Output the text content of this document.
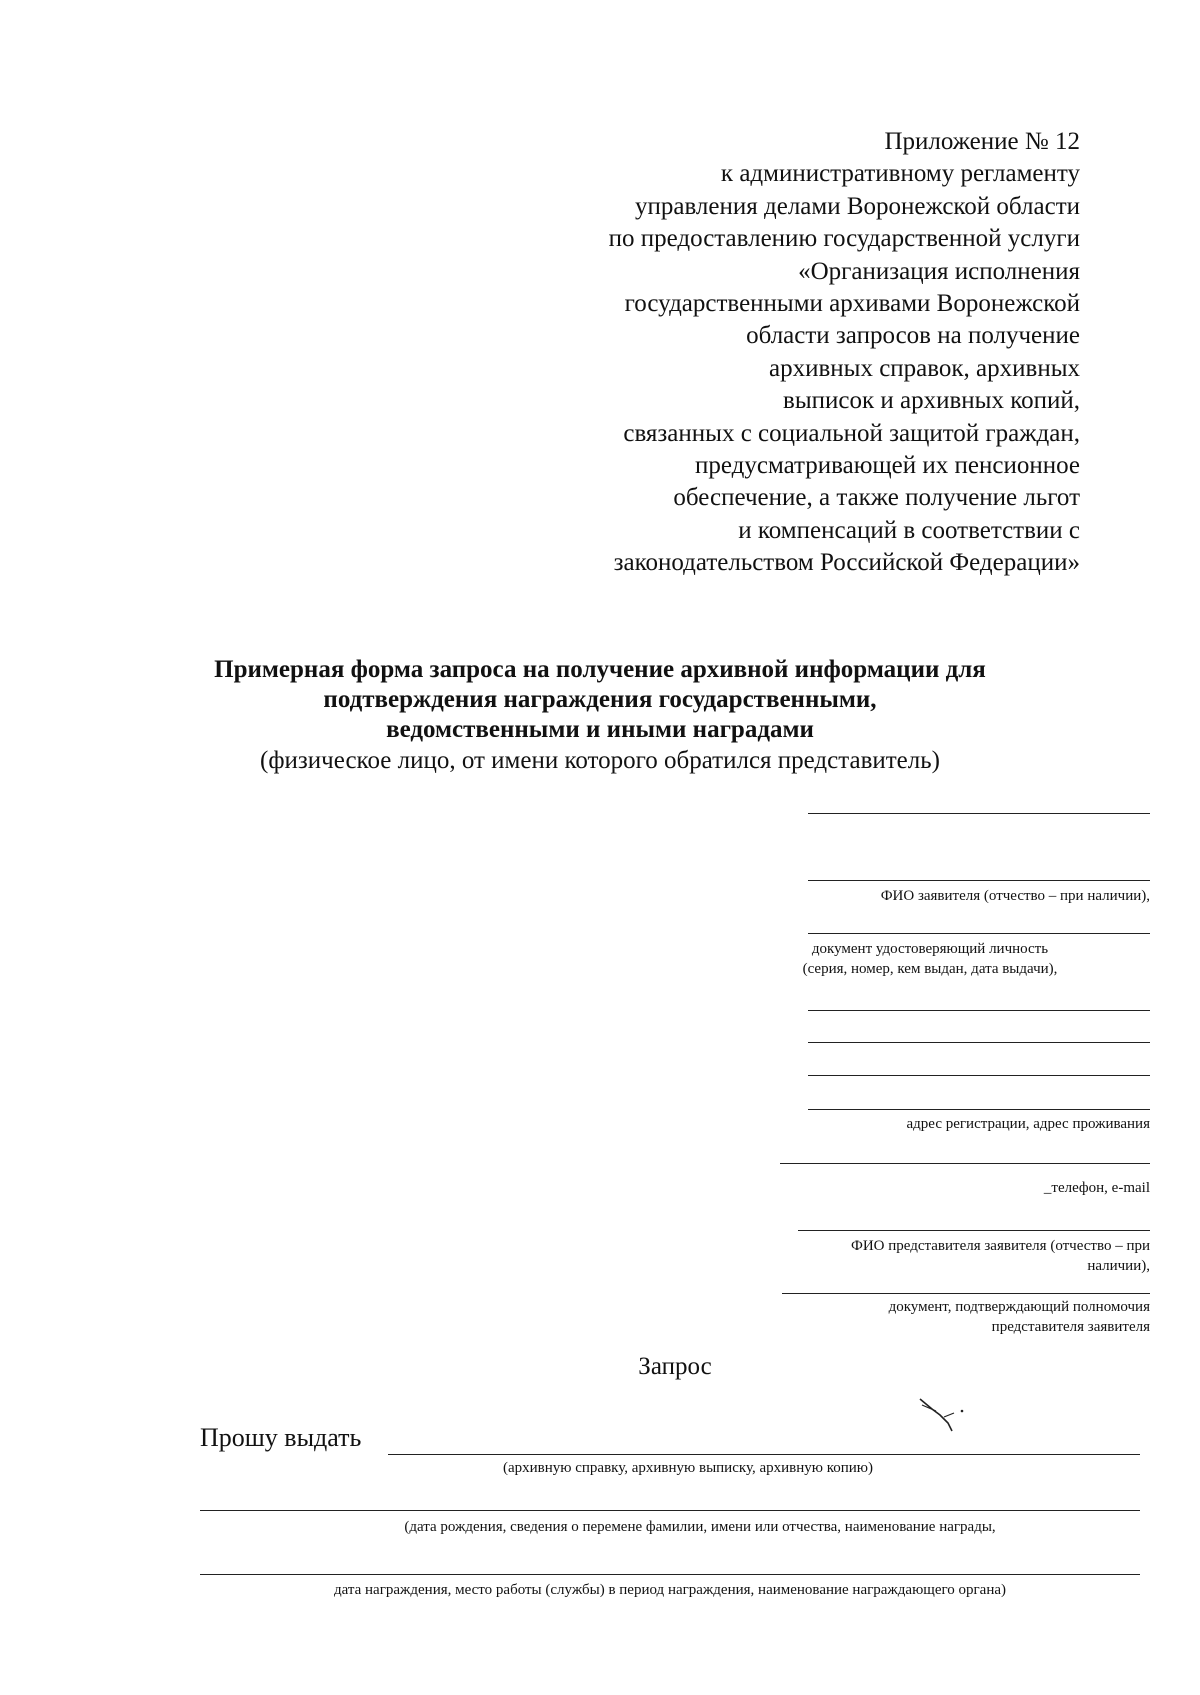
Приложение № 12
к административному регламенту
управления делами Воронежской области
по предоставлению государственной услуги
«Организация исполнения
государственными архивами Воронежской
области запросов на получение
архивных справок, архивных
выписок и архивных копий,
связанных с социальной защитой граждан,
предусматривающей их пенсионное
обеспечение, а также получение льгот
и компенсаций в соответствии с
законодательством Российской Федерации»
Примерная форма запроса на получение архивной информации для
подтверждения награждения государственными,
ведомственными и иными наградами
(физическое лицо, от имени которого обратился представитель)
ФИО заявителя (отчество – при наличии),
документ удостоверяющий личность
(серия, номер, кем выдан, дата выдачи),
адрес регистрации, адрес проживания
_телефон, e-mail
ФИО представителя заявителя (отчество – при
наличии),
документ, подтверждающий полномочия
представителя заявителя
Запрос
Прошу выдать
(архивную справку, архивную выписку, архивную копию)
(дата рождения, сведения о перемене фамилии, имени или отчества, наименование награды,
дата награждения, место работы (службы) в период награждения, наименование награждающего органа)
